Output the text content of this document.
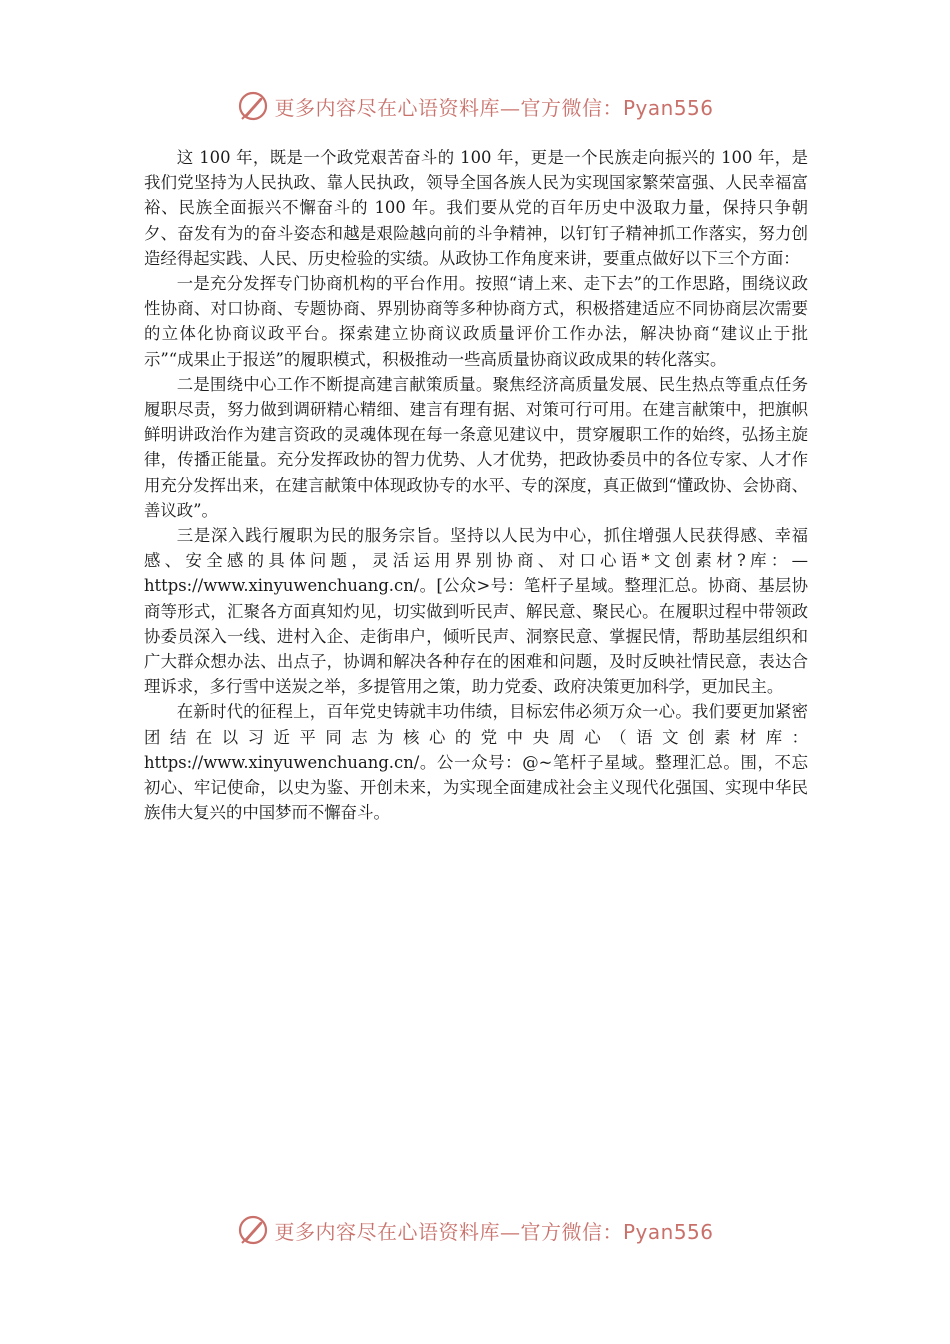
更多内容尽在心语资料库—官方微信：Pyan556

这 100 年，既是一个政党艰苦奋斗的 100 年，更是一个民族走向振兴的 100 年，是我们党坚持为人民执政、靠人民执政，领导全国各族人民为实现国家繁荣富强、人民幸福富裕、民族全面振兴不懈奋斗的 100 年。我们要从党的百年历史中汲取力量，保持只争朝夕、奋发有为的奋斗姿态和越是艰险越向前的斗争精神，以钉钉子精神抓工作落实，努力创造经得起实践、人民、历史检验的实绩。从政协工作角度来讲，要重点做好以下三个方面：

一是充分发挥专门协商机构的平台作用。按照“请上来、走下去”的工作思路，围绕议政性协商、对口协商、专题协商、界别协商等多种协商方式，积极搭建适应不同协商层次需要的立体化协商议政平台。探索建立协商议政质量评价工作办法，解决协商“建议止于批示”“成果止于报送”的履职模式，积极推动一些高质量协商议政成果的转化落实。

二是围绕中心工作不断提高建言献策质量。聚焦经济高质量发展、民生热点等重点任务履职尽责，努力做到调研精心精细、建言有理有据、对策可行可用。在建言献策中，把旗帜鲜明讲政治作为建言资政的灵魂体现在每一条意见建议中，贯穿履职工作的始终，弘扬主旋律，传播正能量。充分发挥政协的智力优势、人才优势，把政协委员中的各位专家、人才作用充分发挥出来，在建言献策中体现政协专的水平、专的深度，真正做到“懂政协、会协商、善议政”。

三是深入践行履职为民的服务宗旨。坚持以人民为中心，抓住增强人民获得感、幸福感、安全感的具体问题，灵活运用界别协商、对口心语*文创素材?库：—https://www.xinyuwenchuang.cn/。[公众>号：笔杆子星域。整理汇总。协商、基层协商等形式，汇聚各方面真知灼见，切实做到听民声、解民意、聚民心。在履职过程中带领政协委员深入一线、进村入企、走街串户，倾听民声、洞察民意、掌握民情，帮助基层组织和广大群众想办法、出点子，协调和解决各种存在的困难和问题，及时反映社情民意，表达合理诉求，多行雪中送炭之举，多提管用之策，助力党委、政府决策更加科学，更加民主。

在新时代的征程上，百年党史铸就丰功伟绩，目标宏伟必须万众一心。我们要更加紧密团结在以习近平同志为核心的党中央周心（语文创素材库：https://www.xinyuwenchuang.cn/。公一众号：@~笔杆子星域。整理汇总。围，不忘初心、牢记使命，以史为鉴、开创未来，为实现全面建成社会主义现代化强国、实现中华民族伟大复兴的中国梦而不懈奋斗。

更多内容尽在心语资料库—官方微信：Pyan556
